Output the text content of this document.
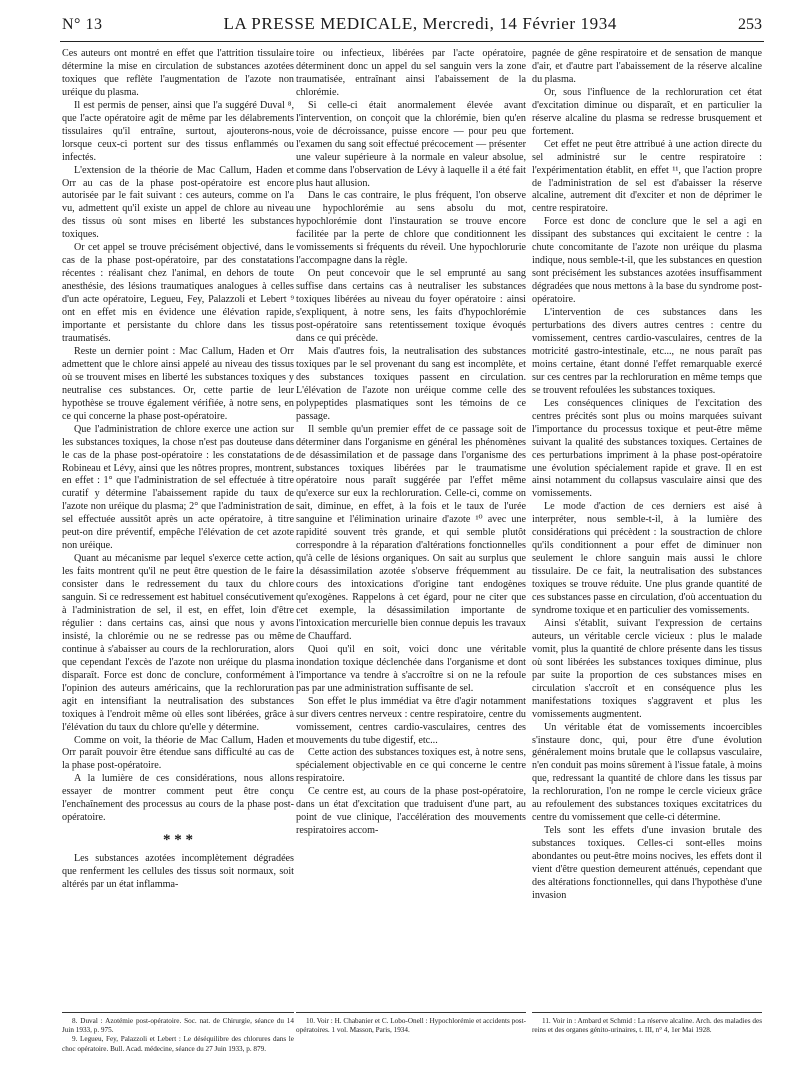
N° 13	LA PRESSE MEDICALE, Mercredi, 14 Février 1934	253

Ces auteurs ont montré en effet que l'attrition tissulaire détermine la mise en circulation de substances azotées toxiques que reflète l'augmentation de l'azote non uréique du plasma.

Il est permis de penser, ainsi que l'a suggéré Duval ⁸, que l'acte opératoire agit de même par les délabrements tissulaires qu'il entraîne, surtout, ajouterons-nous, lorsque ceux-ci portent sur des tissus enflammés ou infectés.

L'extension de la théorie de Mac Callum, Haden et Orr au cas de la phase post-opératoire est encore autorisée par le fait suivant : ces auteurs, comme on l'a vu, admettent qu'il existe un appel de chlore au niveau des tissus où sont mises en liberté les substances toxiques.

Or cet appel se trouve précisément objectivé, dans le cas de la phase post-opératoire, par des constatations récentes : réalisant chez l'animal, en dehors de toute anesthésie, des lésions traumatiques analogues à celles d'un acte opératoire, Legueu, Fey, Palazzoli et Lebert ⁹ ont en effet mis en évidence une élévation rapide, importante et persistante du chlore dans les tissus traumatisés.

Reste un dernier point : Mac Callum, Haden et Orr admettent que le chlore ainsi appelé au niveau des tissus où se trouvent mises en liberté les substances toxiques y neutralise ces substances. Or, cette partie de leur hypothèse se trouve également vérifiée, à notre sens, en ce qui concerne la phase post-opératoire.

Que l'administration de chlore exerce une action sur les substances toxiques, la chose n'est pas douteuse dans le cas de la phase post-opératoire : les constatations de Robineau et Lévy, ainsi que les nôtres propres, montrent, en effet : 1° que l'administration de sel effectuée à titre curatif y détermine l'abaissement rapide du taux de l'azote non uréique du plasma; 2° que l'administration de sel effectuée aussitôt après un acte opératoire, à titre peut-on dire préventif, empêche l'élévation de cet azote non uréique.

Quant au mécanisme par lequel s'exerce cette action, les faits montrent qu'il ne peut être question de le faire consister dans le redressement du taux du chlore sanguin. Si ce redressement est habituel consécutivement à l'administration de sel, il est, en effet, loin d'être régulier : dans certains cas, ainsi que nous y avons insisté, la chlorémie ou ne se redresse pas ou même continue à s'abaisser au cours de la rechloruration, alors que cependant l'excès de l'azote non uréique du plasma disparaît. Force est donc de conclure, conformément à l'opinion des auteurs américains, que la rechloruration agit en intensifiant la neutralisation des substances toxiques à l'endroit même où elles sont libérées, grâce à l'élévation du taux du chlore qu'elle y détermine.

Comme on voit, la théorie de Mac Callum, Haden et Orr paraît pouvoir être étendue sans difficulté au cas de la phase post-opératoire.

A la lumière de ces considérations, nous allons essayer de montrer comment peut être conçu l'enchaînement des processus au cours de la phase post-opératoire.

* * *

Les substances azotées incomplètement dégradées que renferment les cellules des tissus soit normaux, soit altérés par un état inflamma-

toire ou infectieux, libérées par l'acte opératoire, déterminent donc un appel du sel sanguin vers la zone traumatisée, entraînant ainsi l'abaissement de la chlorémie.

Si celle-ci était anormalement élevée avant l'intervention, on conçoit que la chlorémie, bien qu'en voie de décroissance, puisse encore — pour peu que l'examen du sang soit effectué précocement — présenter une valeur supérieure à la normale en valeur absolue, comme dans l'observation de Lévy à laquelle il a été fait plus haut allusion.

Dans le cas contraire, le plus fréquent, l'on observe une hypochlorémie au sens absolu du mot, hypochlorémie dont l'instauration se trouve encore facilitée par la perte de chlore que conditionnent les vomissements si fréquents du réveil. Une hypochlorurie l'accompagne dans la règle.

On peut concevoir que le sel emprunté au sang suffise dans certains cas à neutraliser les substances toxiques libérées au niveau du foyer opératoire : ainsi s'expliquent, à notre sens, les faits d'hypochlorémie post-opératoire sans retentissement toxique évoqués dans ce qui précède.

Mais d'autres fois, la neutralisation des substances toxiques par le sel provenant du sang est incomplète, et des substances toxiques passent en circulation. L'élévation de l'azote non uréique comme celle des polypeptides plasmatiques sont les témoins de ce passage.

Il semble qu'un premier effet de ce passage soit de déterminer dans l'organisme en général les phénomènes de désassimilation et de passage dans l'organisme des substances toxiques libérées par le traumatisme opératoire nous paraît suggérée par l'effet même qu'exerce sur eux la rechloruration. Celle-ci, comme on sait, diminue, en effet, à la fois et le taux de l'urée sanguine et l'élimination urinaire d'azote ¹⁰ avec une rapidité souvent très grande, et qui semble plutôt correspondre à la réparation d'altérations fonctionnelles qu'à celle de lésions organiques. On sait au surplus que la désassimilation azotée s'observe fréquemment au cours des intoxications d'origine tant endogènes qu'exogènes. Rappelons à cet égard, pour ne citer que cet exemple, la désassimilation importante de l'intoxication mercurielle bien connue depuis les travaux de Chauffard.

Quoi qu'il en soit, voici donc une véritable inondation toxique déclenchée dans l'organisme et dont l'importance va tendre à s'accroître si on ne la refoule pas par une administration suffisante de sel.

Son effet le plus immédiat va être d'agir notamment sur divers centres nerveux : centre respiratoire, centre du vomissement, centres cardio-vasculaires, centres des mouvements du tube digestif, etc...

Cette action des substances toxiques est, à notre sens, spécialement objectivable en ce qui concerne le centre respiratoire.

Ce centre est, au cours de la phase post-opératoire, dans un état d'excitation que traduisent d'une part, au point de vue clinique, l'accélération des mouvements respiratoires accom-

pagnée de gêne respiratoire et de sensation de manque d'air, et d'autre part l'abaissement de la réserve alcaline du plasma.

Or, sous l'influence de la rechloruration cet état d'excitation diminue ou disparaît, et en particulier la réserve alcaline du plasma se redresse brusquement et fortement.

Cet effet ne peut être attribué à une action directe du sel administré sur le centre respiratoire : l'expérimentation établit, en effet ¹¹, que l'action propre de l'administration de sel est d'abaisser la réserve alcaline, autrement dit d'exciter et non de déprimer le centre respiratoire.

Force est donc de conclure que le sel a agi en dissipant des substances qui excitaient le centre : la chute concomitante de l'azote non uréique du plasma indique, nous semble-t-il, que les substances en question sont précisément les substances azotées insuffisamment dégradées que nous mettons à la base du syndrome post-opératoire.

L'intervention de ces substances dans les perturbations des divers autres centres : centre du vomissement, centres cardio-vasculaires, centres de la motricité gastro-intestinale, etc..., ne nous paraît pas moins certaine, étant donné l'effet remarquable exercé sur ces centres par la rechloruration en même temps que se trouvent refoulées les substances toxiques.

Les conséquences cliniques de l'excitation des centres précités sont plus ou moins marquées suivant l'importance du processus toxique et peut-être même suivant la qualité des substances toxiques. Certaines de ces perturbations impriment à la phase post-opératoire une évolution spécialement rapide et grave. Il en est ainsi notamment du collapsus vasculaire ainsi que des vomissements.

Le mode d'action de ces derniers est aisé à interpréter, nous semble-t-il, à la lumière des considérations qui précèdent : la soustraction de chlore qu'ils conditionnent a pour effet de diminuer non seulement le chlore sanguin mais aussi le chlore tissulaire. De ce fait, la neutralisation des substances toxiques se trouve réduite. Une plus grande quantité de ces substances passe en circulation, d'où accentuation du syndrome toxique et en particulier des vomissements.

Ainsi s'établit, suivant l'expression de certains auteurs, un véritable cercle vicieux : plus le malade vomit, plus la quantité de chlore présente dans les tissus où sont libérées les substances toxiques diminue, plus par suite la proportion de ces substances mises en circulation s'accroît et en conséquence plus les manifestations toxiques s'aggravent et plus les vomissements augmentent.

Un véritable état de vomissements incoercibles s'instaure donc, qui, pour être d'une évolution généralement moins brutale que le collapsus vasculaire, n'en conduit pas moins sûrement à l'issue fatale, à moins que, redressant la quantité de chlore dans les tissus par la rechloruration, l'on ne rompe le cercle vicieux grâce au refoulement des substances toxiques excitatrices du centre du vomissement que celle-ci détermine.

Tels sont les effets d'une invasion brutale des substances toxiques. Celles-ci sont-elles moins abondantes ou peut-être moins nocives, les effets dont il vient d'être question demeurent atténués, cependant que des altérations fonctionnelles, qui dans l'hypothèse d'une invasion

8. Duval : Azotémie post-opératoire. Soc. nat. de Chirurgie, séance du 14 Juin 1933, p. 975.
9. Legueu, Fey, Palazzoli et Lebert : Le déséquilibre des chlorures dans le choc opératoire. Bull. Acad. médecine, séance du 27 Juin 1933, p. 879.
10. Voir : H. Chabanier et C. Lobo-Onell : Hypochlorémie et accidents post-opératoires. 1 vol. Masson, Paris, 1934.
11. Voir in : Ambard et Schmid : La réserve alcaline. Arch. des maladies des reins et des organes génito-urinaires, t. III, n° 4, 1er Mai 1928.
